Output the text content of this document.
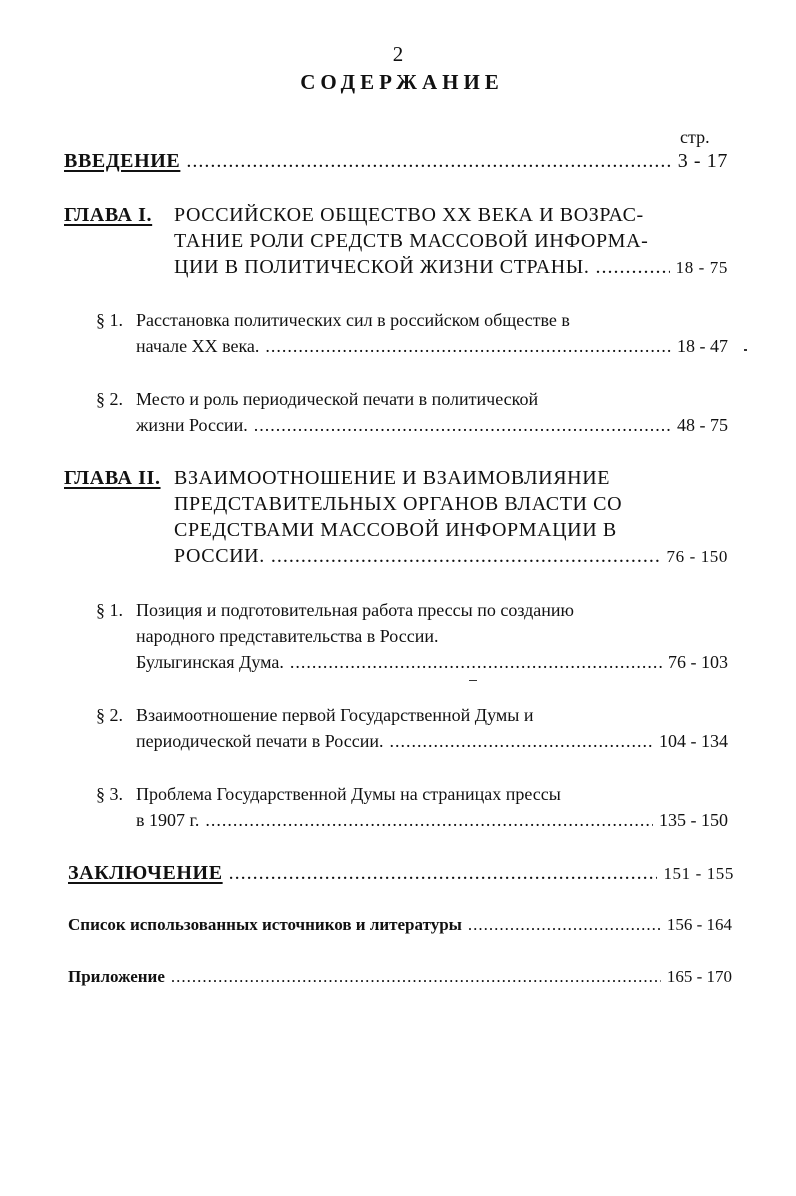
2
СОДЕРЖАНИЕ
стр.
ВВЕДЕНИЕ .....	3 - 17
ГЛАВА I. РОССИЙСКОЕ ОБЩЕСТВО XX ВЕКА И ВОЗРАС-
ТАНИЕ РОЛИ СРЕДСТВ МАССОВОЙ ИНФОРМА-
ЦИИ В ПОЛИТИЧЕСКОЙ ЖИЗНИ СТРАНЫ. .....	18 - 75
§ 1. Расстановка политических сил в российском обществе в
начале XX века. .....	18 - 47
§ 2. Место и роль периодической печати в политической
жизни России. .....	48 - 75
ГЛАВА II. ВЗАИМООТНОШЕНИЕ И ВЗАИМОВЛИЯНИЕ
ПРЕДСТАВИТЕЛЬНЫХ ОРГАНОВ ВЛАСТИ СО
СРЕДСТВАМИ МАССОВОЙ ИНФОРМАЦИИ В
РОССИИ. .....	76 - 150
§ 1. Позиция и подготовительная работа прессы по созданию
народного представительства в России.
Булыгинская Дума. .....	76 - 103
§ 2. Взаимоотношение первой Государственной Думы и
периодической печати в России. .....	104 - 134
§ 3. Проблема Государственной Думы на страницах прессы
в 1907 г. .....	135 - 150
ЗАКЛЮЧЕНИЕ .....	151 - 155
Список использованных источников и литературы .....	156 - 164
Приложение .....	165 - 170
